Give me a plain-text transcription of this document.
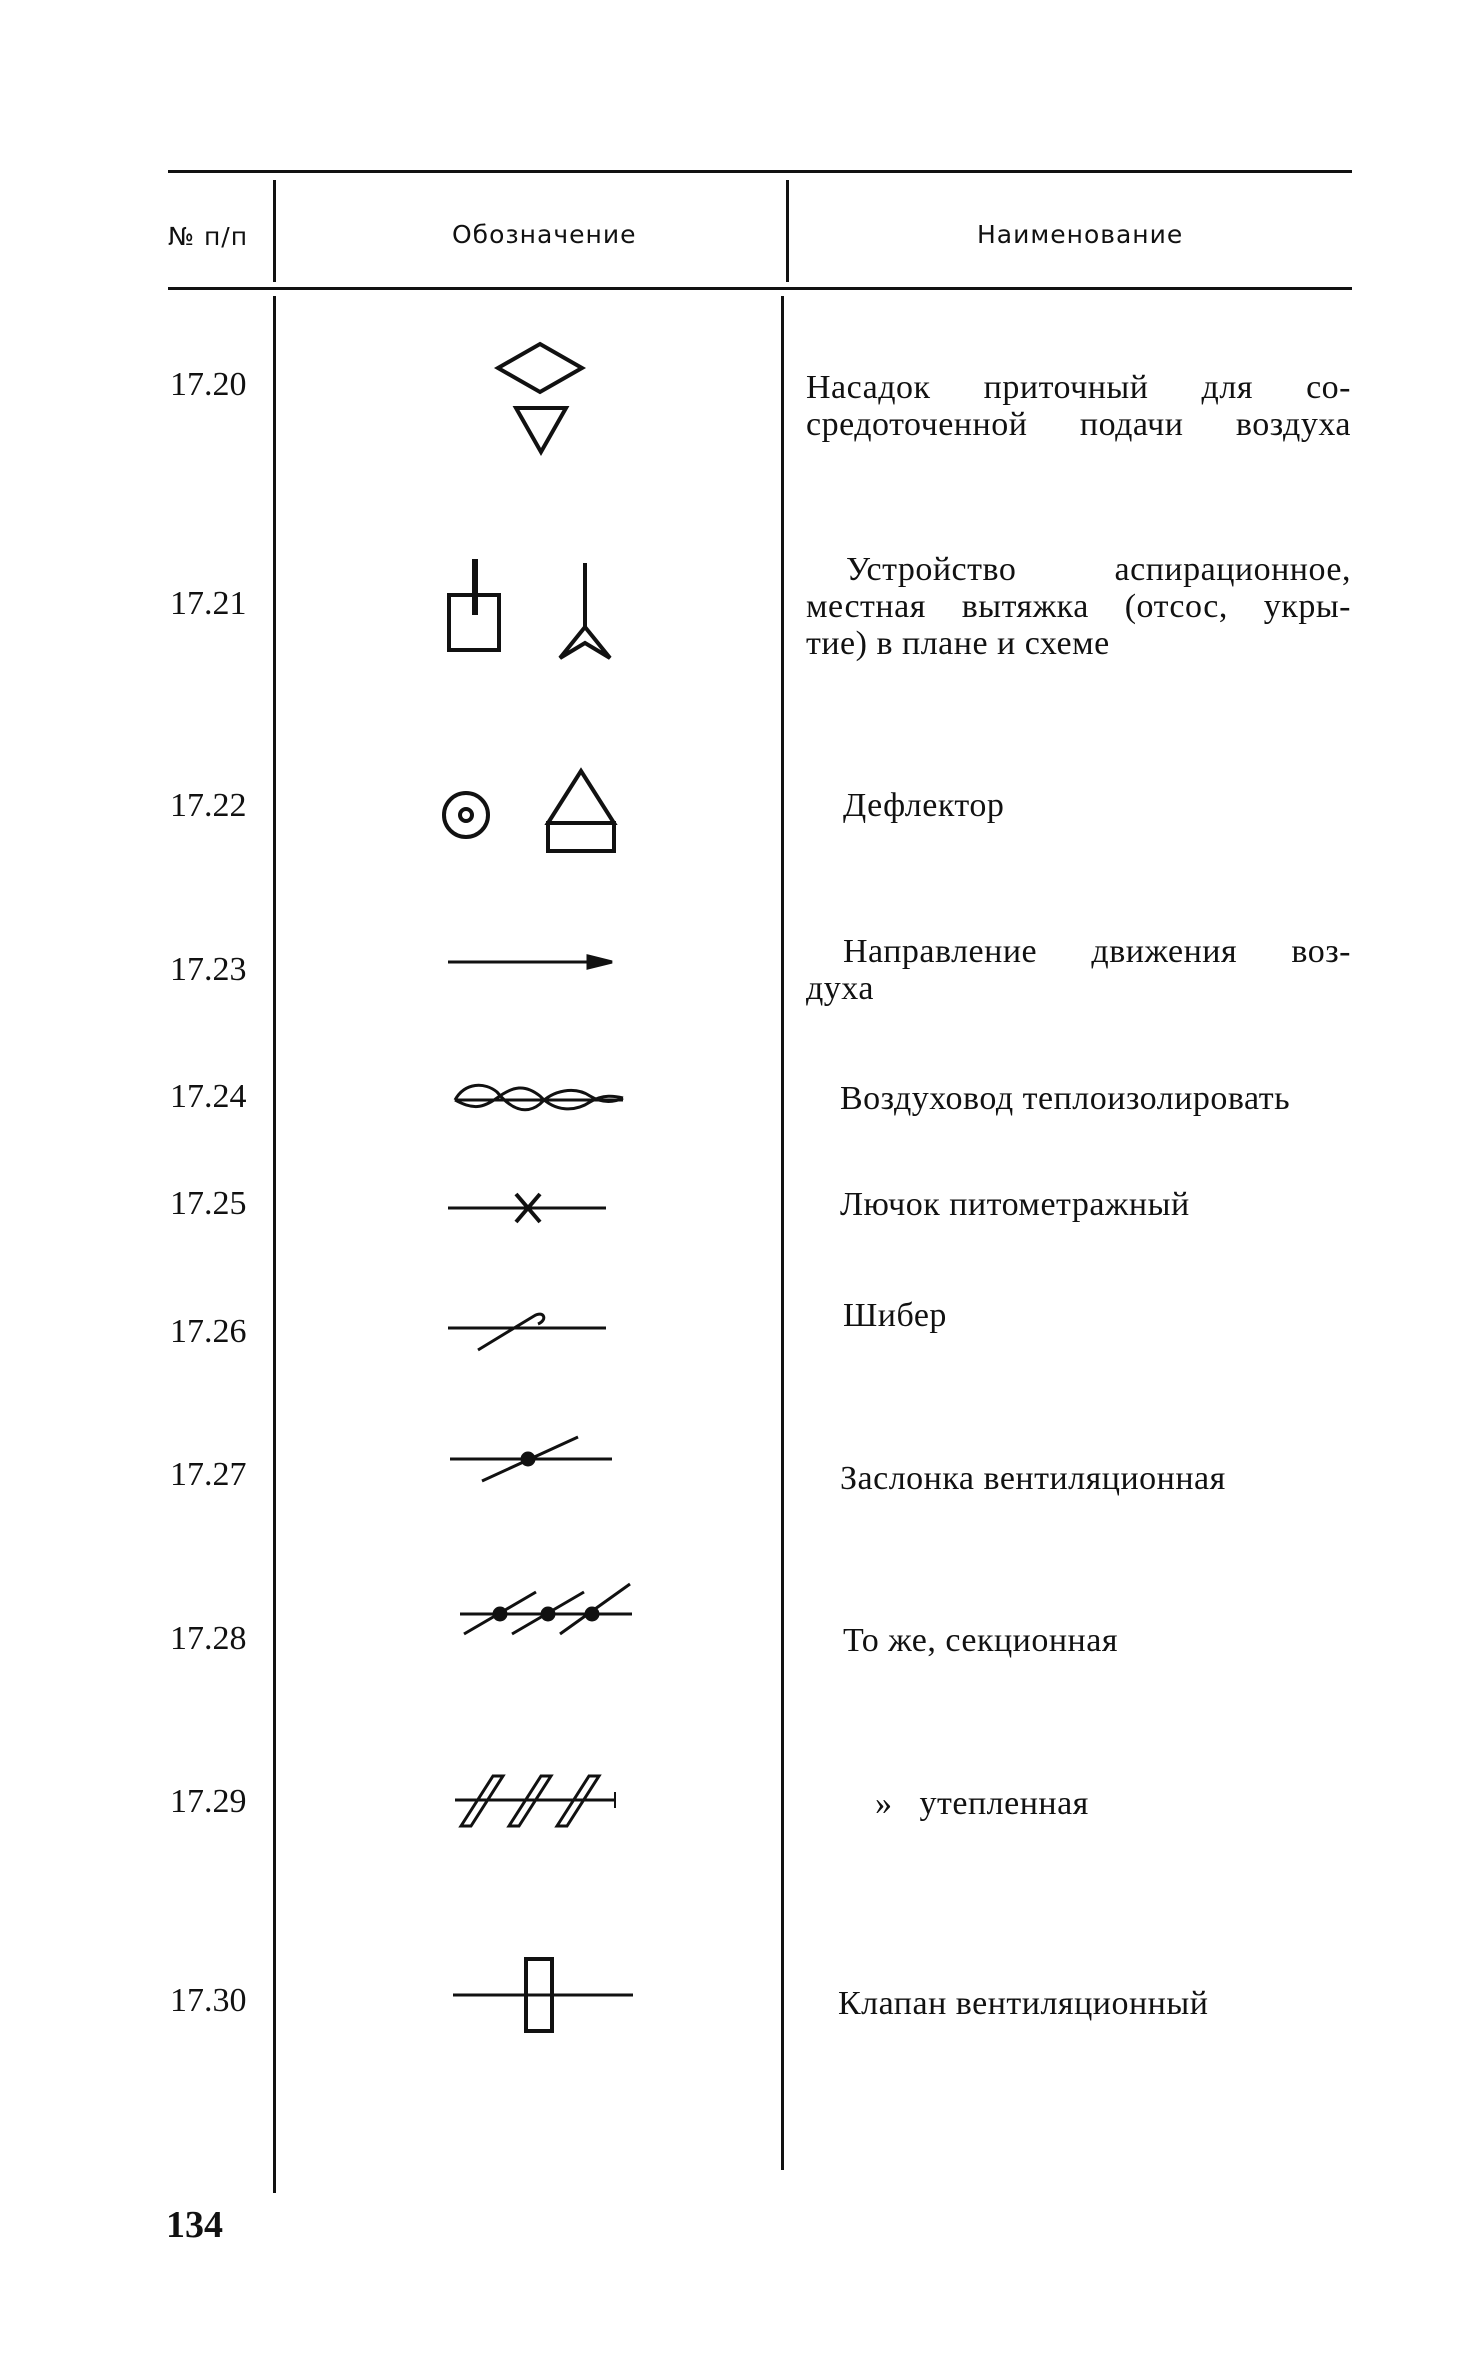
№ п/п	Обозначение	Наименование
17.20	Насадок приточный для со-
средоточенной подачи воздуха
17.21
Устройство аспирационное,
местная вытяжка (отсос, укры-
тие) в плане и схеме
17.22	Дефлектор
17.23	Направление движения воз-
духа
17.24	Воздуховод теплоизолировать
17.25	Лючок питометражный
17.26	Шибер
17.27	Заслонка вентиляционная
17.28	То же, секционная
17.29	»   утепленная
17.30	Клапан вентиляционный
134
